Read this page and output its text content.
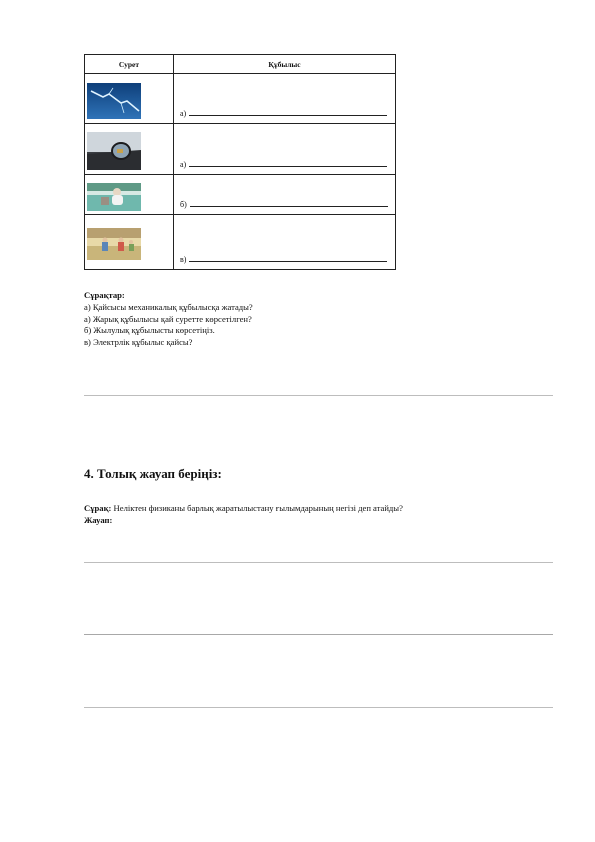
Сурет	Құбылыс

	а)

	а)

	б)

	в)
Сұрақтар:
а) Қайсысы механикалық құбылысқа жатады?
а) Жарық құбылысы қай суретте көрсетілген?
б) Жылулық құбылысты көрсетіңіз.
в) Электрлік құбылыс қайсы?
4. Толық жауап беріңіз:
Сұрақ: Неліктен физиканы барлық жаратылыстану ғылымдарының негізі деп атайды?
Жауап:
